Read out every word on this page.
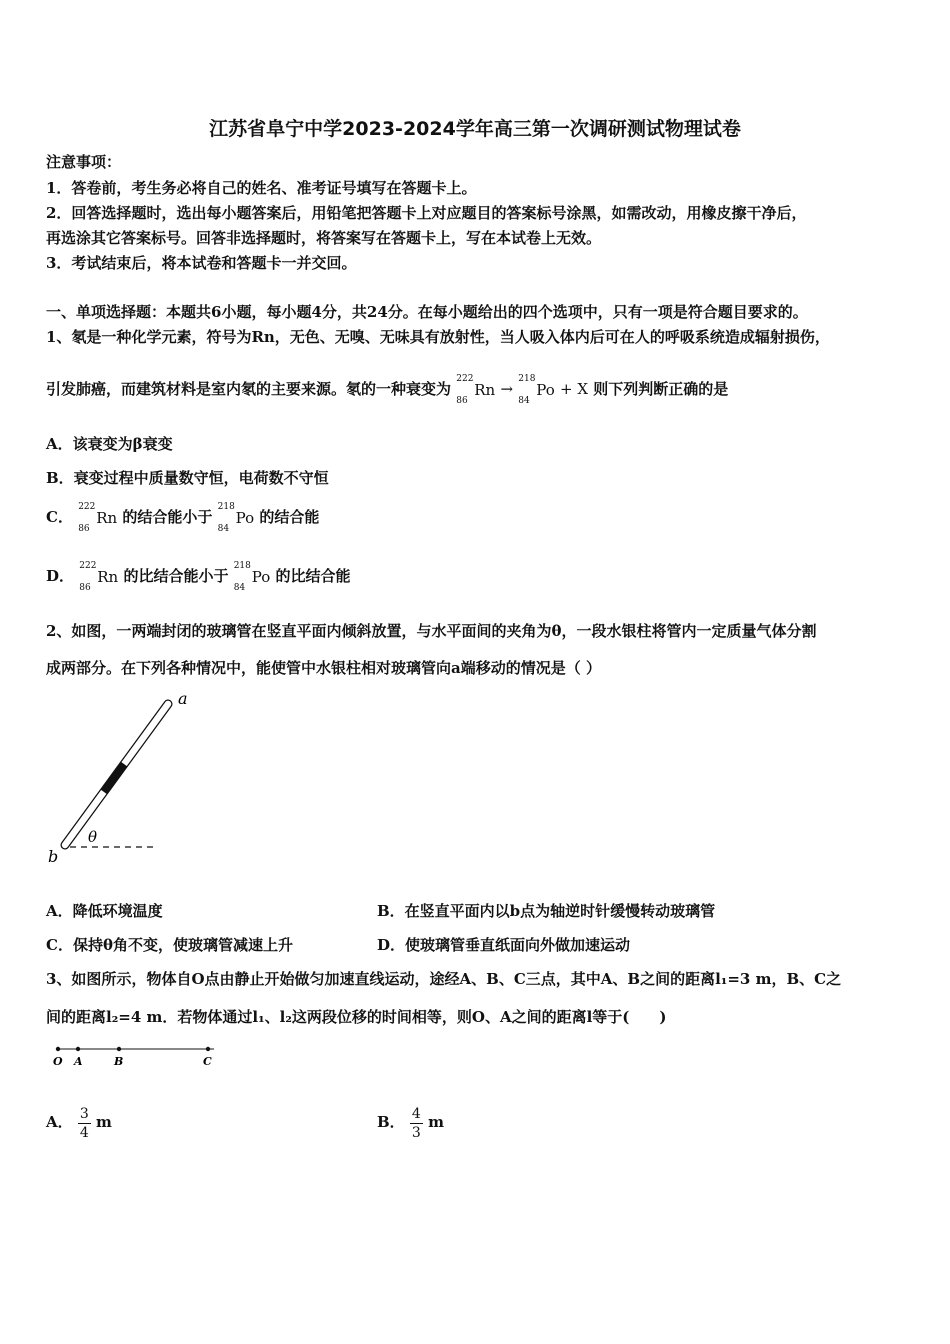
江苏省阜宁中学2023-2024学年高三第一次调研测试物理试卷
注意事项：
1．答卷前，考生务必将自己的姓名、准考证号填写在答题卡上。
2．回答选择题时，选出每小题答案后，用铅笔把答题卡上对应题目的答案标号涂黑，如需改动，用橡皮擦干净后，
再选涂其它答案标号。回答非选择题时，将答案写在答题卡上，写在本试卷上无效。
3．考试结束后，将本试卷和答题卡一并交回。
一、单项选择题：本题共6小题，每小题4分，共24分。在每小题给出的四个选项中，只有一项是符合题目要求的。
1、氡是一种化学元素，符号为Rn，无色、无嗅、无味具有放射性，当人吸入体内后可在人的呼吸系统造成辐射损伤，
引发肺癌，而建筑材料是室内氡的主要来源。氡的一种衰变为
222
86
Rn →
218
84
Po + X 则下列判断正确的是
A．该衰变为β衰变
B．衰变过程中质量数守恒，电荷数不守恒
C．
222
86
Rn 的结合能小于
218
84
Po 的结合能
D．
222
86
Rn 的比结合能小于
218
84
Po 的比结合能
2、如图，一两端封闭的玻璃管在竖直平面内倾斜放置，与水平面间的夹角为θ，一段水银柱将管内一定质量气体分割
成两部分。在下列各种情况中，能使管中水银柱相对玻璃管向a端移动的情况是（ ）
a
b
θ
A．降低环境温度	B．在竖直平面内以b点为轴逆时针缓慢转动玻璃管
C．保持θ角不变，使玻璃管减速上升	D．使玻璃管垂直纸面向外做加速运动
3、如图所示，物体自O点由静止开始做匀加速直线运动，途经A、B、C三点，其中A、B之间的距离l₁=3 m，B、C之
间的距离l₂=4 m．若物体通过l₁、l₂这两段位移的时间相等，则O、A之间的距离l等于(　　)
O A	B	C
A． $\frac{3}{4}$ m	B． $\frac{4}{3}$ m
